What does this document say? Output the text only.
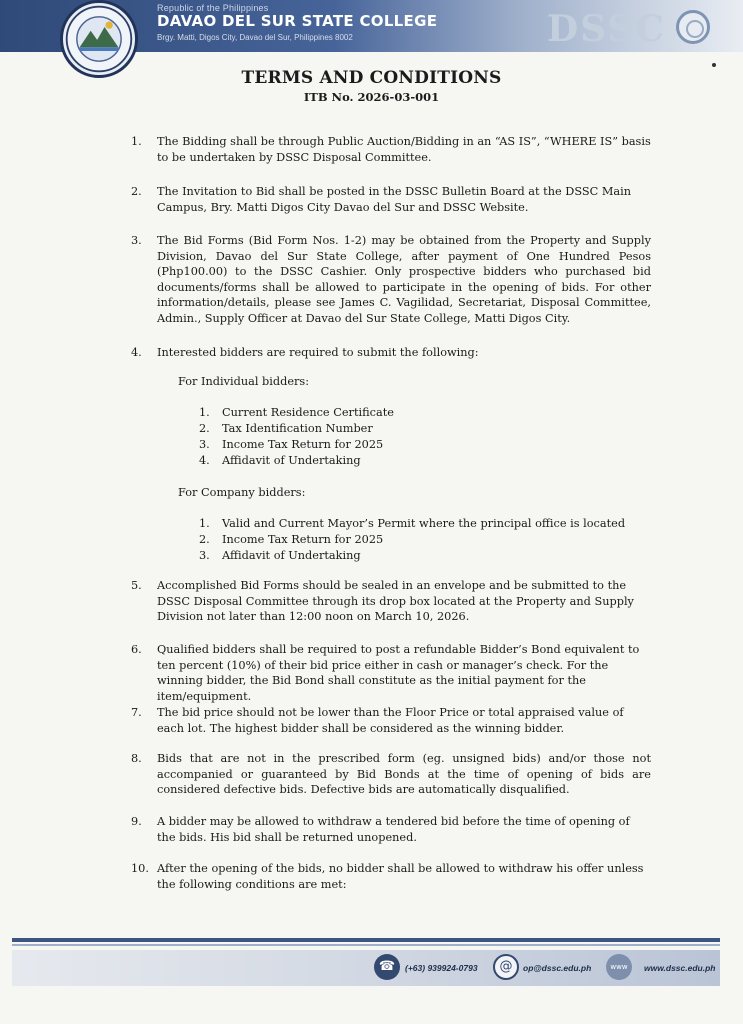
Republic of the Philippines
DAVAO DEL SUR STATE COLLEGE
Brgy. Matti, Digos City, Davao del Sur, Philippines 8002	DSSC
TERMS AND CONDITIONS
ITB No. 2026-03-001
1. The Bidding shall be through Public Auction/Bidding in an “AS IS”, “WHERE IS” basis to be undertaken by DSSC Disposal Committee.
2. The Invitation to Bid shall be posted in the DSSC Bulletin Board at the DSSC Main Campus, Bry. Matti Digos City Davao del Sur and DSSC Website.
3. The Bid Forms (Bid Form Nos. 1-2) may be obtained from the Property and Supply Division, Davao del Sur State College, after payment of One Hundred Pesos (Php100.00) to the DSSC Cashier. Only prospective bidders who purchased bid documents/forms shall be allowed to participate in the opening of bids. For other information/details, please see James C. Vagilidad, Secretariat, Disposal Committee, Admin., Supply Officer at Davao del Sur State College, Matti Digos City.
4. Interested bidders are required to submit the following:
For Individual bidders:
1. Current Residence Certificate
2. Tax Identification Number
3. Income Tax Return for 2025
4. Affidavit of Undertaking
For Company bidders:
1. Valid and Current Mayor’s Permit where the principal office is located
2. Income Tax Return for 2025
3. Affidavit of Undertaking
5. Accomplished Bid Forms should be sealed in an envelope and be submitted to the DSSC Disposal Committee through its drop box located at the Property and Supply Division not later than 12:00 noon on March 10, 2026.
6. Qualified bidders shall be required to post a refundable Bidder’s Bond equivalent to ten percent (10%) of their bid price either in cash or manager’s check. For the winning bidder, the Bid Bond shall constitute as the initial payment for the item/equipment.
7. The bid price should not be lower than the Floor Price or total appraised value of each lot. The highest bidder shall be considered as the winning bidder.
8. Bids that are not in the prescribed form (eg. unsigned bids) and/or those not accompanied or guaranteed by Bid Bonds at the time of opening of bids are considered defective bids. Defective bids are automatically disqualified.
9. A bidder may be allowed to withdraw a tendered bid before the time of opening of the bids. His bid shall be returned unopened.
10. After the opening of the bids, no bidder shall be allowed to withdraw his offer unless the following conditions are met:
☎	(+63) 939924-0793	@	op@dssc.edu.ph	www	www.dssc.edu.ph
